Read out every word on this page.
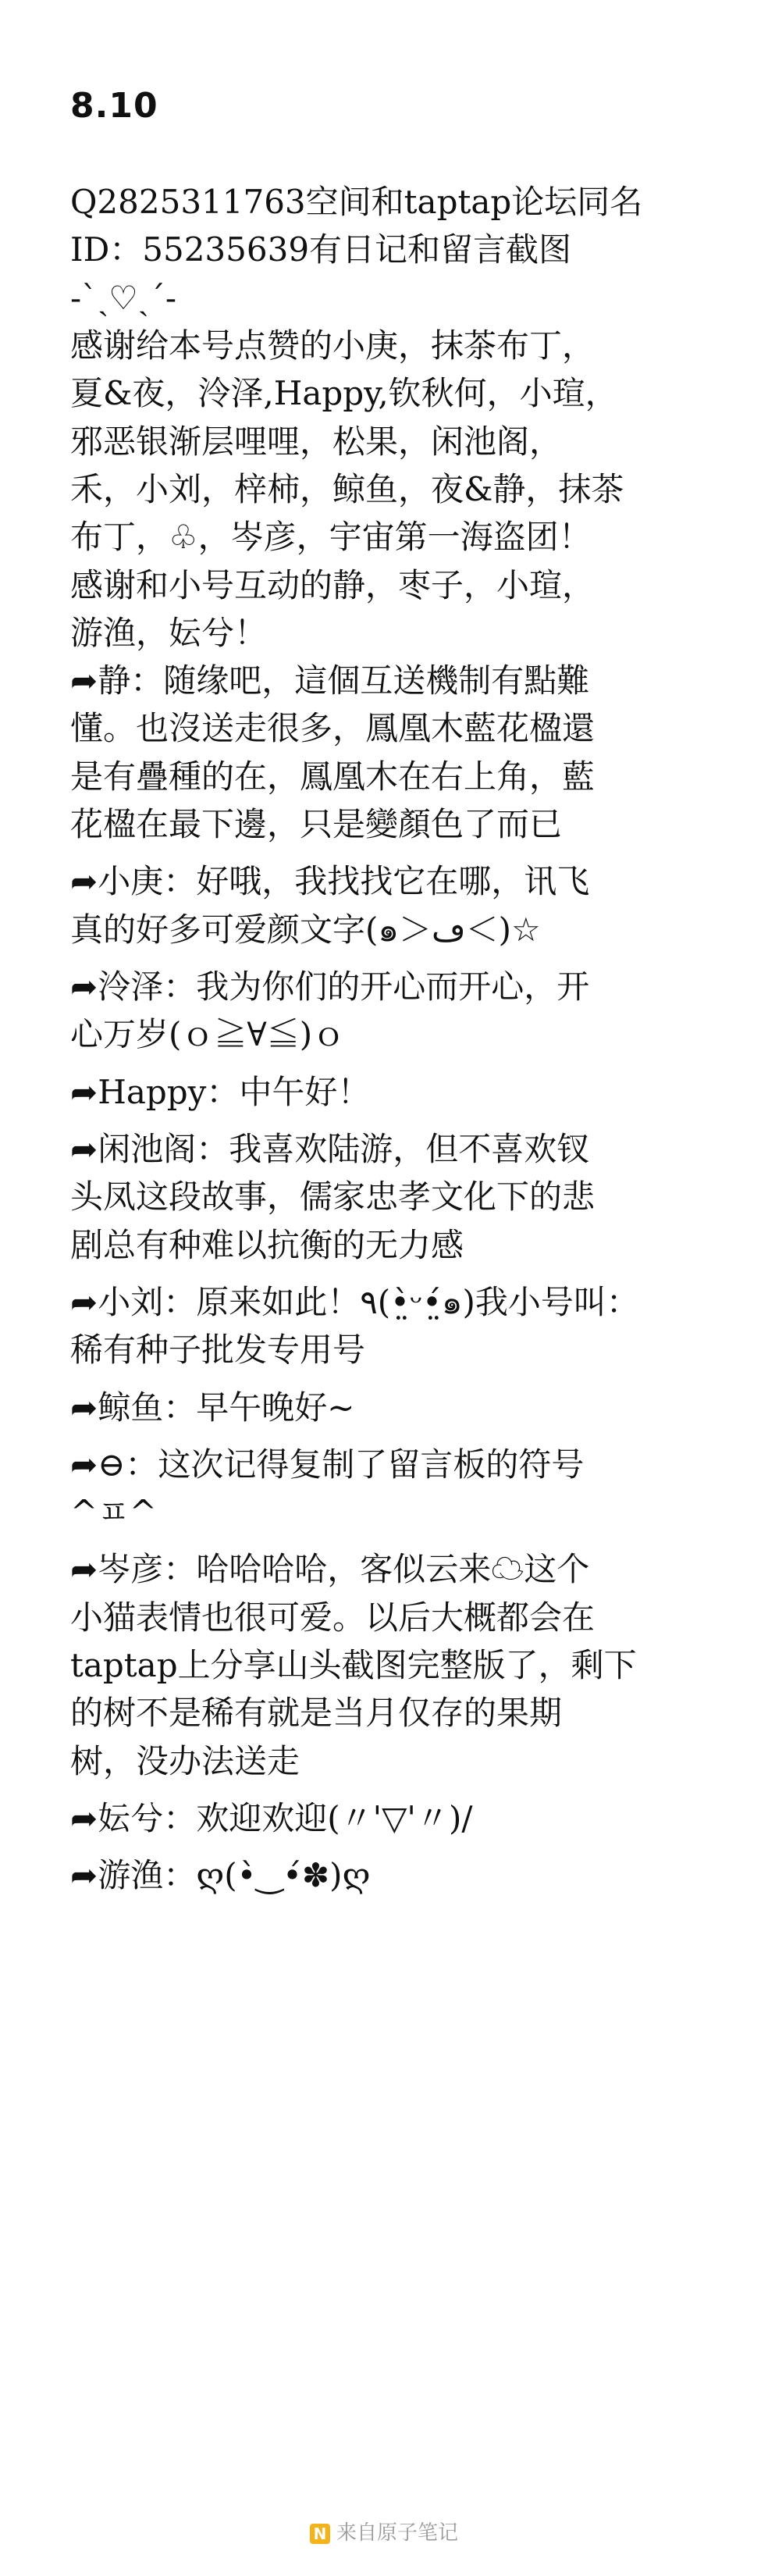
8.10
Q2825311763空间和taptap论坛同名
ID：55235639有日记和留言截图
-ˋˏ♡ˎˊ-
感谢给本号点赞的小庚，抹茶布丁，
夏&夜，泠泽,Happy,钦秋何，小瑄，
邪恶银渐层哩哩，松果，闲池阁，
禾，小刘，梓柿，鲸鱼，夜&静，抹茶
布丁，♧，岑彦，宇宙第一海盗团！
感谢和小号互动的静，枣子，小瑄，
游渔，妘兮！
➦静：随缘吧，這個互送機制有點難
懂。也沒送走很多，鳳凰木藍花楹還
是有疊種的在，鳳凰木在右上角，藍
花楹在最下邊，只是變顏色了而已
➦小庚：好哦，我找找它在哪，讯飞
真的好多可爱颜文字(๑＞ڡ＜)☆
➦泠泽：我为你们的开心而开心，开
心万岁(ｏ≧∀≦)ｏ
➦Happy：中午好！
➦闲池阁：我喜欢陆游，但不喜欢钗
头凤这段故事，儒家忠孝文化下的悲
剧总有种难以抗衡的无力感
➦小刘：原来如此！٩(•̤̀ᵕ•̤́๑)我小号叫：
稀有种子批发专用号
➦鲸鱼：早午晚好~
➦⊖：这次记得复制了留言板的符号
^ㅍ^
➦岑彦：哈哈哈哈，客似云来☁这个
小猫表情也很可爱。以后大概都会在
taptap上分享山头截图完整版了，剩下
的树不是稀有就是当月仅存的果期
树，没办法送走
➦妘兮：欢迎欢迎(〃'▽'〃)/
➦游渔：ღ(•̀‿•́✽)ღ
N 来自原子笔记
